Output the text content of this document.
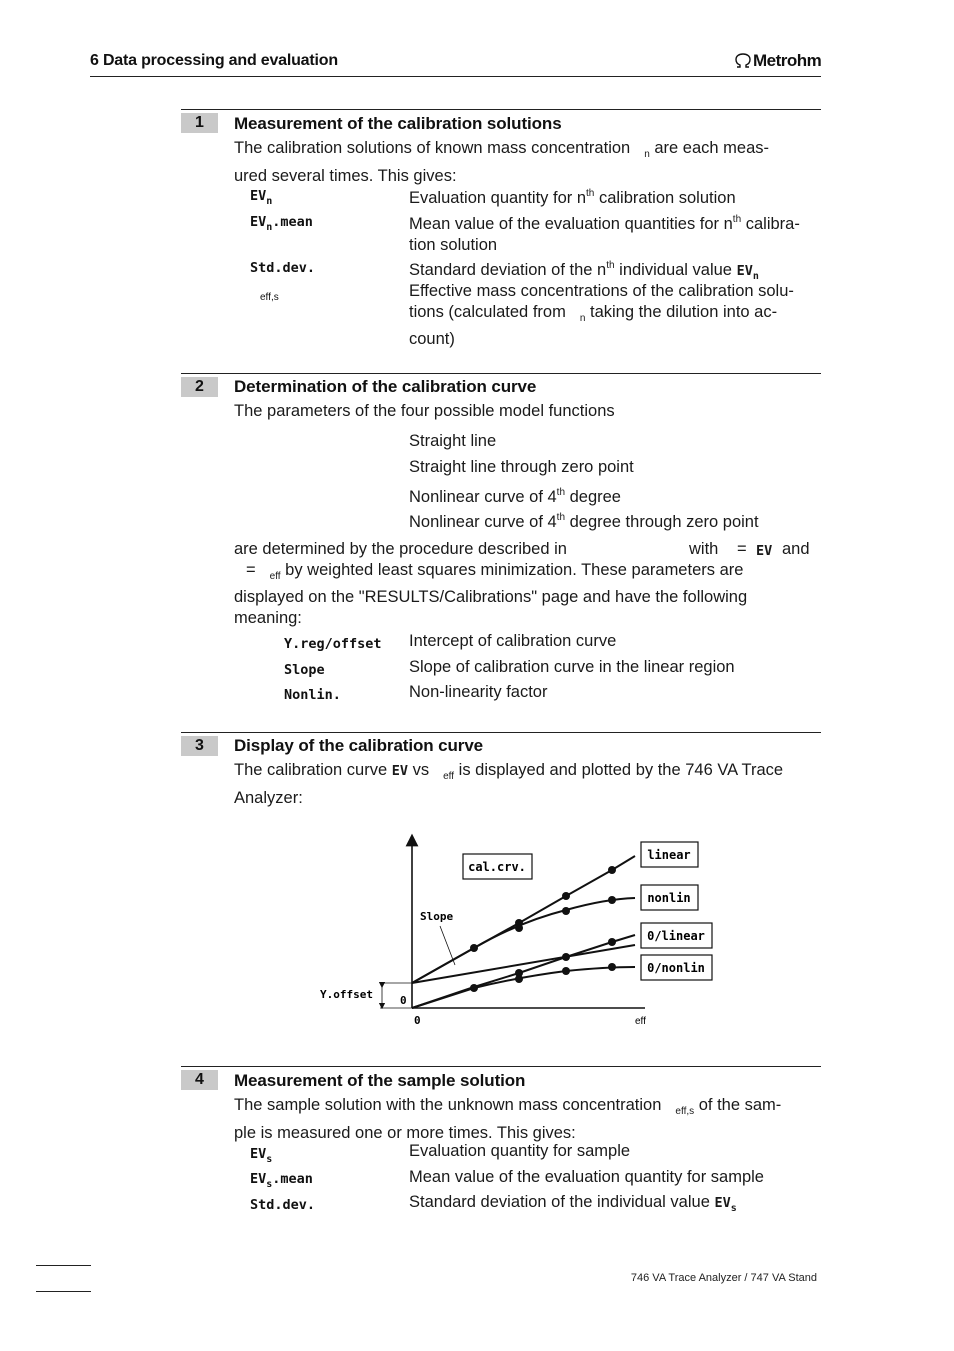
6 Data processing and evaluation	Metrohm
1	Measurement of the calibration solutions
The calibration solutions of known mass concentration $_n$ are each meas-
ured several times. This gives:
$EV_n$	Evaluation quantity for $n^{th}$ calibration solution
$EV_n.mean$	Mean value of the evaluation quantities for $n^{th}$ calibra-
tion solution
Std.dev.	Standard deviation of the $n^{th}$ individual value $EV_n$
eff,s	Effective mass concentrations of the calibration solu-
tions (calculated from $_n$ taking the dilution into ac-
count)
2	Determination of the calibration curve
The parameters of the four possible model functions
Straight line
Straight line through zero point
Nonlinear curve of 4th degree
Nonlinear curve of 4th degree through zero point
are determined by the procedure described in	with = EV and
= $_{eff}$ by weighted least squares minimization. These parameters are
displayed on the "RESULTS/Calibrations" page and have the following
meaning:
Y.reg/offset Intercept of calibration curve
Slope	Slope of calibration curve in the linear region
Nonlin.	Non-linearity factor
3	Display of the calibration curve
The calibration curve EV vs $_{eff}$ is displayed and plotted by the 746 VA Trace
Analyzer:
cal.crv.
linear
nonlin
0/linear
0/nonlin
Slope
Y.offset 0
0	eff
4	Measurement of the sample solution
The sample solution with the unknown mass concentration $_{eff,s}$ of the sam-
ple is measured one or more times. This gives:
$EV_s$	Evaluation quantity for sample
$EV_s.mean$	Mean value of the evaluation quantity for sample
Std.dev.	Standard deviation of the individual value $EV_s$
746 VA Trace Analyzer / 747 VA Stand
